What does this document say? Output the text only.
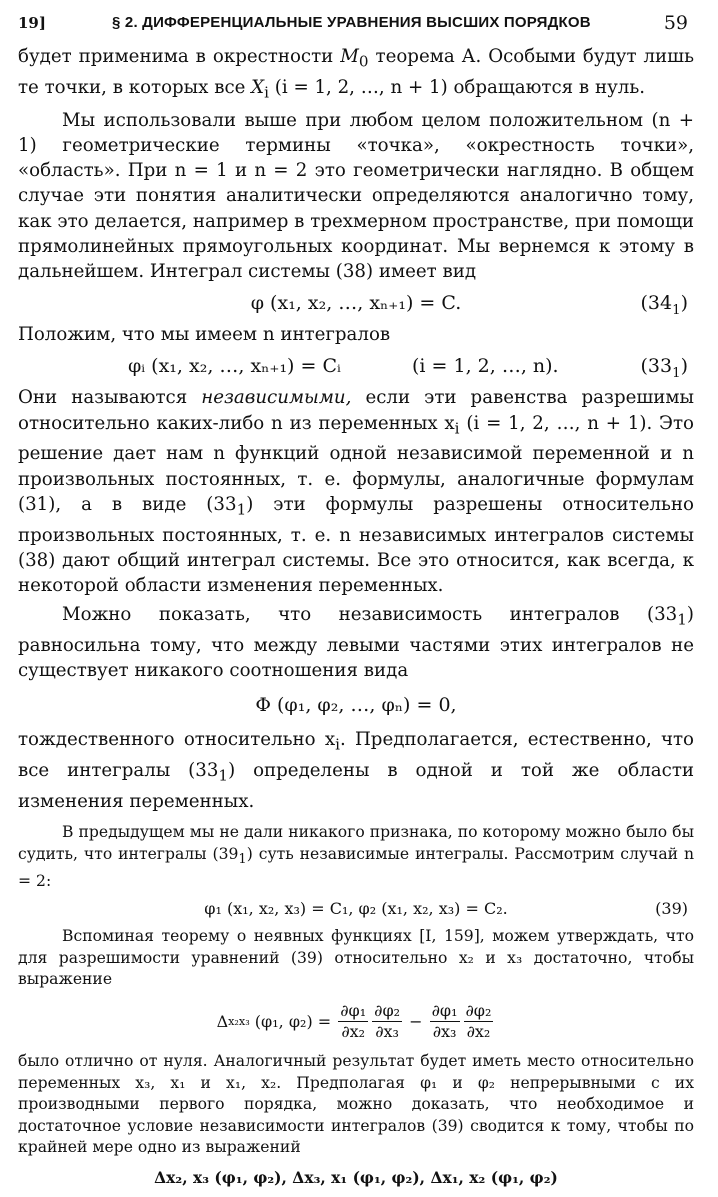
19]	§ 2. ДИФФЕРЕНЦИАЛЬНЫЕ УРАВНЕНИЯ ВЫСШИХ ПОРЯДКОВ	59

будет применима в окрестности $M_0$ теорема А. Особыми будут лишь те точки, в которых все $X_i$ (i = 1, 2, …, n + 1) обращаются в нуль.

Мы использовали выше при любом целом положительном (n + 1) геометрические термины «точка», «окрестность точки», «область». При n = 1 и n = 2 это геометрически наглядно. В общем случае эти понятия аналитически определяются аналогично тому, как это делается, например в трехмерном пространстве, при помощи прямолинейных прямоугольных координат. Мы вернемся к этому в дальнейшем. Интеграл системы (38) имеет вид

φ (x₁, x₂, …, xₙ₊₁) = C.	$(34_1)$

Положим, что мы имеем n интегралов

φᵢ (x₁, x₂, …, xₙ₊₁) = Cᵢ	(i = 1, 2, …, n).	$(33_1)$

Они называются независимыми, если эти равенства разрешимы относительно каких-либо n из переменных $x_i$ (i = 1, 2, …, n + 1). Это решение дает нам n функций одной независимой переменной и n произвольных постоянных, т. е. формулы, аналогичные формулам (31), а в виде $(33_1)$ эти формулы разрешены относительно произвольных постоянных, т. е. n независимых интегралов системы (38) дают общий интеграл системы. Все это относится, как всегда, к некоторой области изменения переменных.

Можно показать, что независимость интегралов $(33_1)$ равносильна тому, что между левыми частями этих интегралов не существует никакого соотношения вида

Φ (φ₁, φ₂, …, φₙ) = 0,

тождественного относительно $x_i$. Предполагается, естественно, что все интегралы $(33_1)$ определены в одной и той же области изменения переменных.

В предыдущем мы не дали никакого признака, по которому можно было бы судить, что интегралы $(39_1)$ суть независимые интегралы. Рассмотрим случай n = 2:

φ₁ (x₁, x₂, x₃) = C₁, φ₂ (x₁, x₂, x₃) = C₂.	(39)

Вспоминая теорему о неявных функциях [I, 159], можем утверждать, что для разрешимости уравнений (39) относительно x₂ и x₃ достаточно, чтобы выражение

Δ x₂x₃ (φ₁, $\varphi_2) = \frac{\text{∂φ₁}}{\text{∂x₂}} \frac{\text{∂φ₂}}{\text{∂x₃}} - \frac{\text{∂φ₁}}{\text{∂x₃}} \frac{\text{∂φ₂}}{\text{∂x₂}}$

было отлично от нуля. Аналогичный результат будет иметь место относительно переменных x₃, x₁ и x₁, x₂. Предполагая φ₁ и φ₂ непрерывными с их производными первого порядка, можно доказать, что необходимое и достаточное условие независимости интегралов (39) сводится к тому, чтобы по крайней мере одно из выражений

Δx₂, x₃ (φ₁, φ₂), Δx₃, x₁ (φ₁, φ₂), Δx₁, x₂ (φ₁, φ₂)
